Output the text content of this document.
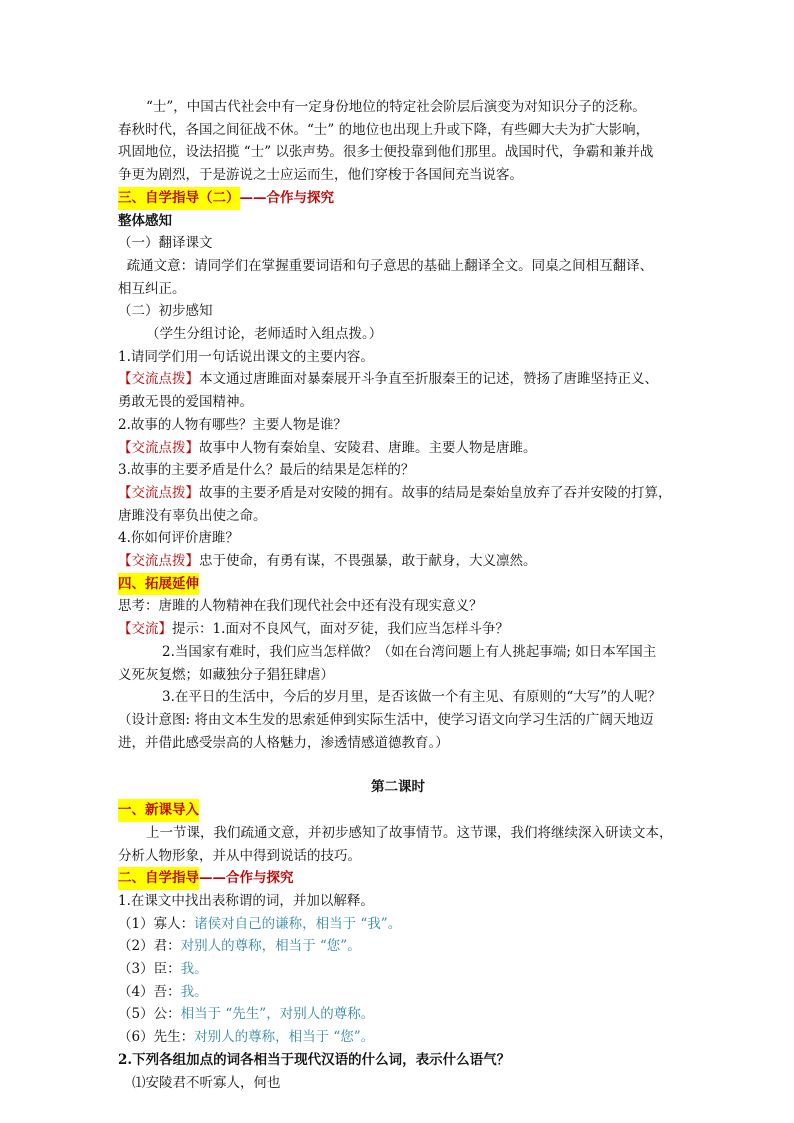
“士”，中国古代社会中有一定身份地位的特定社会阶层后演变为对知识分子的泛称。
春秋时代，各国之间征战不休。“士” 的地位也出现上升或下降，有些卿大夫为扩大影响，
巩固地位，设法招揽 “士” 以张声势。很多士便投靠到他们那里。战国时代，争霸和兼并战
争更为剧烈，于是游说之士应运而生，他们穿梭于各国间充当说客。
三、自学指导（二）——合作与探究
整体感知
（一）翻译课文
疏通文意：请同学们在掌握重要词语和句子意思的基础上翻译全文。同桌之间相互翻译、
相互纠正。
（二）初步感知
（学生分组讨论，老师适时入组点拨。）
1.请同学们用一句话说出课文的主要内容。
【交流点拨】本文通过唐雎面对暴秦展开斗争直至折服秦王的记述，赞扬了唐雎坚持正义、
勇敢无畏的爱国精神。
2.故事的人物有哪些？主要人物是谁？
【交流点拨】故事中人物有秦始皇、安陵君、唐雎。主要人物是唐雎。
3.故事的主要矛盾是什么？最后的结果是怎样的？
【交流点拨】故事的主要矛盾是对安陵的拥有。故事的结局是秦始皇放弃了吞并安陵的打算，
唐雎没有辜负出使之命。
4.你如何评价唐雎？
【交流点拨】忠于使命，有勇有谋，不畏强暴，敢于献身，大义凛然。
四、拓展延伸
思考：唐雎的人物精神在我们现代社会中还有没有现实意义？
【交流】提示：1.面对不良风气，面对歹徒，我们应当怎样斗争？
2.当国家有难时，我们应当怎样做？（如在台湾问题上有人挑起事端; 如日本军国主
义死灰复燃；如藏独分子猖狂肆虐）
3.在平日的生活中，今后的岁月里，是否该做一个有主见、有原则的“大写”的人呢？
（设计意图: 将由文本生发的思索延伸到实际生活中，使学习语文向学习生活的广阔天地迈
进，并借此感受崇高的人格魅力，渗透情感道德教育。）
第二课时
一、新课导入
上一节课，我们疏通文意，并初步感知了故事情节。这节课，我们将继续深入研读文本，
分析人物形象，并从中得到说话的技巧。
二、自学指导——合作与探究
1.在课文中找出表称谓的词，并加以解释。
（1）寡人：诸侯对自己的谦称，相当于 “我”。
（2）君：对别人的尊称，相当于 “您”。
（3）臣：我。
（4）吾：我。
（5）公：相当于 “先生”，对别人的尊称。
（6）先生：对别人的尊称，相当于 “您”。
2.下列各组加点的词各相当于现代汉语的什么词，表示什么语气？
⑴安陵君不听寡人，何也
